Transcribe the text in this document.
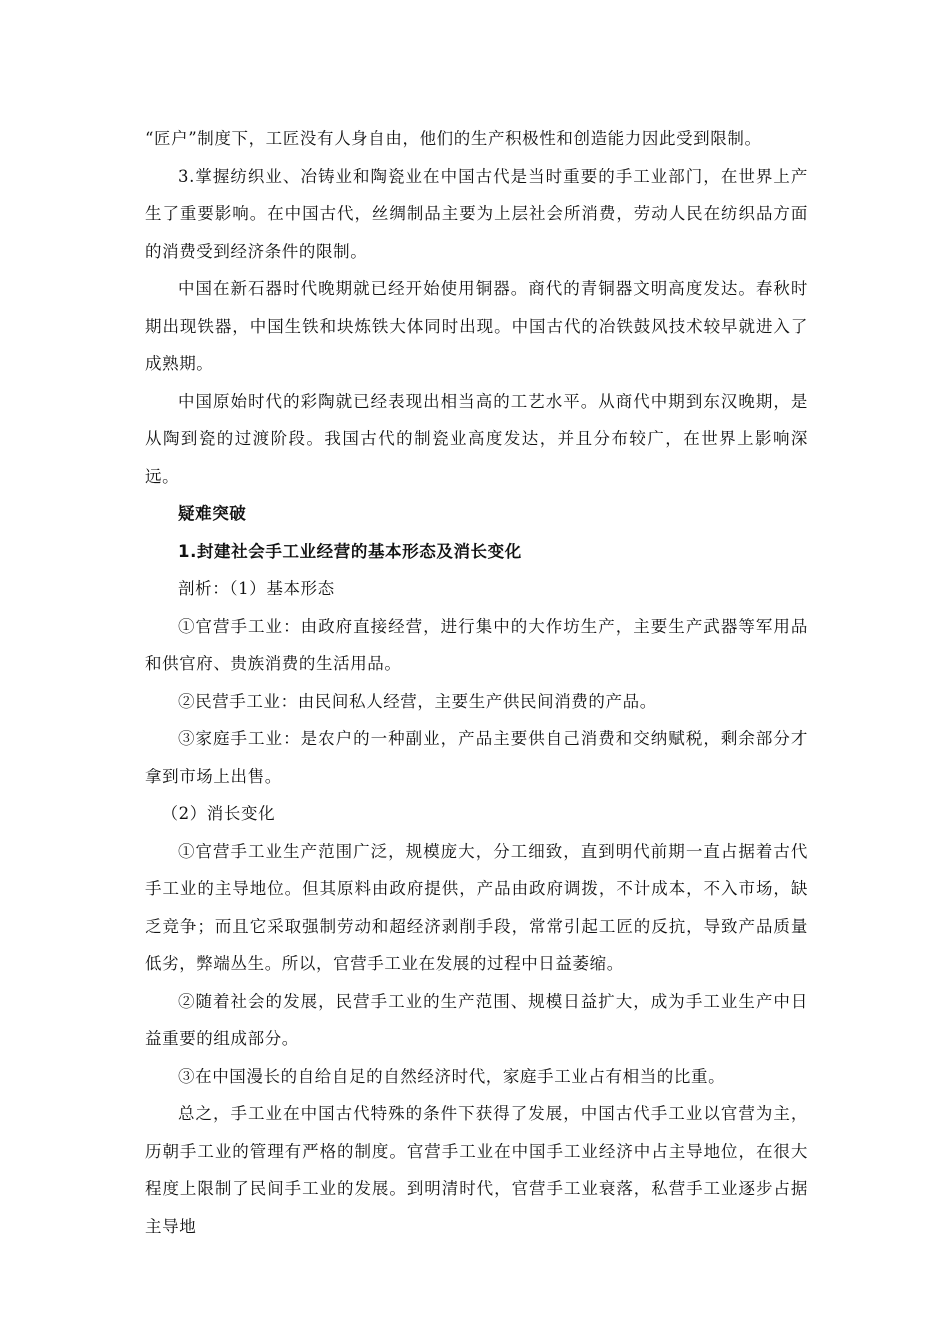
“匠户”制度下，工匠没有人身自由，他们的生产积极性和创造能力因此受到限制。

3.掌握纺织业、冶铸业和陶瓷业在中国古代是当时重要的手工业部门，在世界上产生了重要影响。在中国古代，丝绸制品主要为上层社会所消费，劳动人民在纺织品方面的消费受到经济条件的限制。

中国在新石器时代晚期就已经开始使用铜器。商代的青铜器文明高度发达。春秋时期出现铁器，中国生铁和块炼铁大体同时出现。中国古代的冶铁鼓风技术较早就进入了成熟期。

中国原始时代的彩陶就已经表现出相当高的工艺水平。从商代中期到东汉晚期，是从陶到瓷的过渡阶段。我国古代的制瓷业高度发达，并且分布较广，在世界上影响深远。

疑难突破

1.封建社会手工业经营的基本形态及消长变化

剖析：（1）基本形态

①官营手工业：由政府直接经营，进行集中的大作坊生产，主要生产武器等军用品和供官府、贵族消费的生活用品。

②民营手工业：由民间私人经营，主要生产供民间消费的产品。

③家庭手工业：是农户的一种副业，产品主要供自己消费和交纳赋税，剩余部分才拿到市场上出售。

（2）消长变化

①官营手工业生产范围广泛，规模庞大，分工细致，直到明代前期一直占据着古代手工业的主导地位。但其原料由政府提供，产品由政府调拨，不计成本，不入市场，缺乏竞争；而且它采取强制劳动和超经济剥削手段，常常引起工匠的反抗，导致产品质量低劣，弊端丛生。所以，官营手工业在发展的过程中日益萎缩。

②随着社会的发展，民营手工业的生产范围、规模日益扩大，成为手工业生产中日益重要的组成部分。

③在中国漫长的自给自足的自然经济时代，家庭手工业占有相当的比重。

总之，手工业在中国古代特殊的条件下获得了发展，中国古代手工业以官营为主，历朝手工业的管理有严格的制度。官营手工业在中国手工业经济中占主导地位，在很大程度上限制了民间手工业的发展。到明清时代，官营手工业衰落，私营手工业逐步占据主导地
